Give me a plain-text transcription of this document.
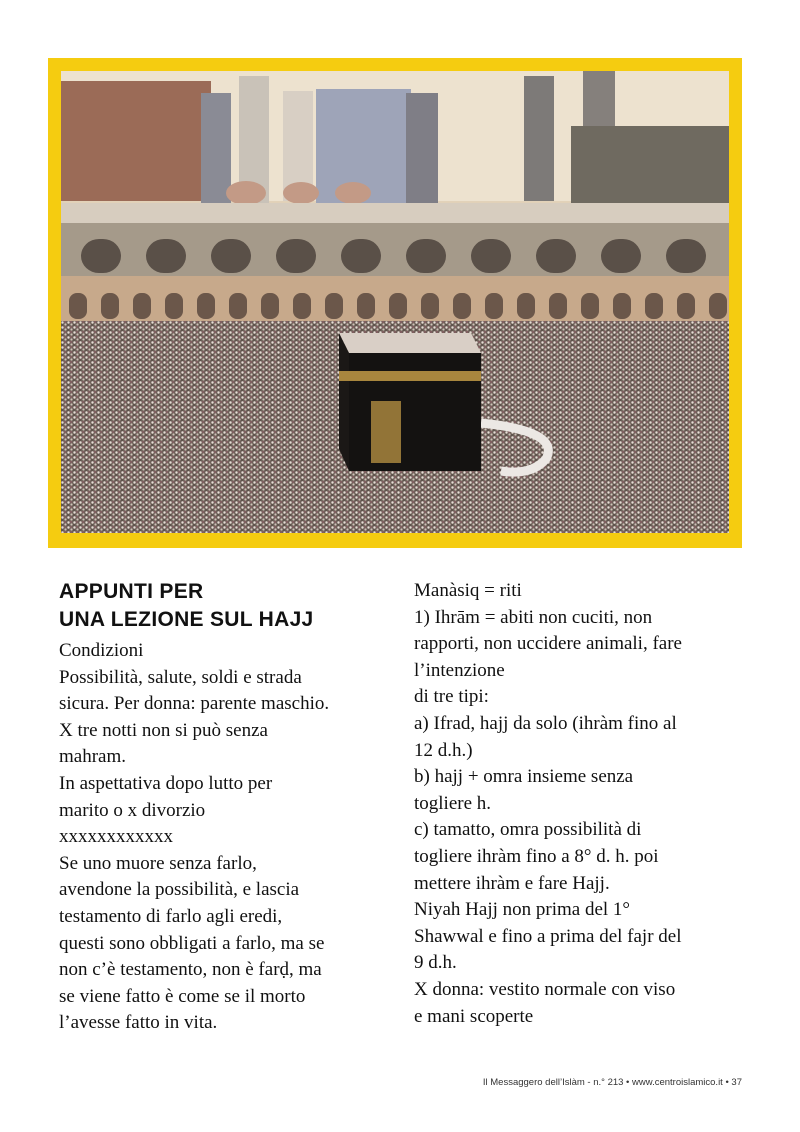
APPUNTI PER
UNA LEZIONE SUL HAJJ

Condizioni

Possibilità, salute, soldi e strada

sicura. Per donna: parente maschio.

X tre notti non si può senza

mahram.

In aspettativa dopo lutto per

marito o x divorzio

xxxxxxxxxxxx

Se uno muore senza farlo,

avendone la possibilità, e lascia

testamento di farlo agli eredi,

questi sono obbligati a farlo, ma se

non c’è testamento, non è farḍ, ma

se viene fatto è come se il morto

l’avesse fatto in vita.

Manàsiq = riti

1) Ihrām = abiti non cuciti, non

rapporti, non uccidere animali, fare

l’intenzione

di tre tipi:

a) Ifrad, hajj da solo (ihràm fino al

12 d.h.)

b) hajj + omra insieme senza

togliere h.

c) tamatto, omra possibilità di

togliere ihràm fino a 8° d. h. poi

mettere ihràm e fare Hajj.

Niyah Hajj non prima del 1°

Shawwal e fino a prima del fajr del

9 d.h.

X donna: vestito normale con viso

e mani scoperte

Il Messaggero dell’Islàm - n.° 213 • www.centroislamico.it • 37
